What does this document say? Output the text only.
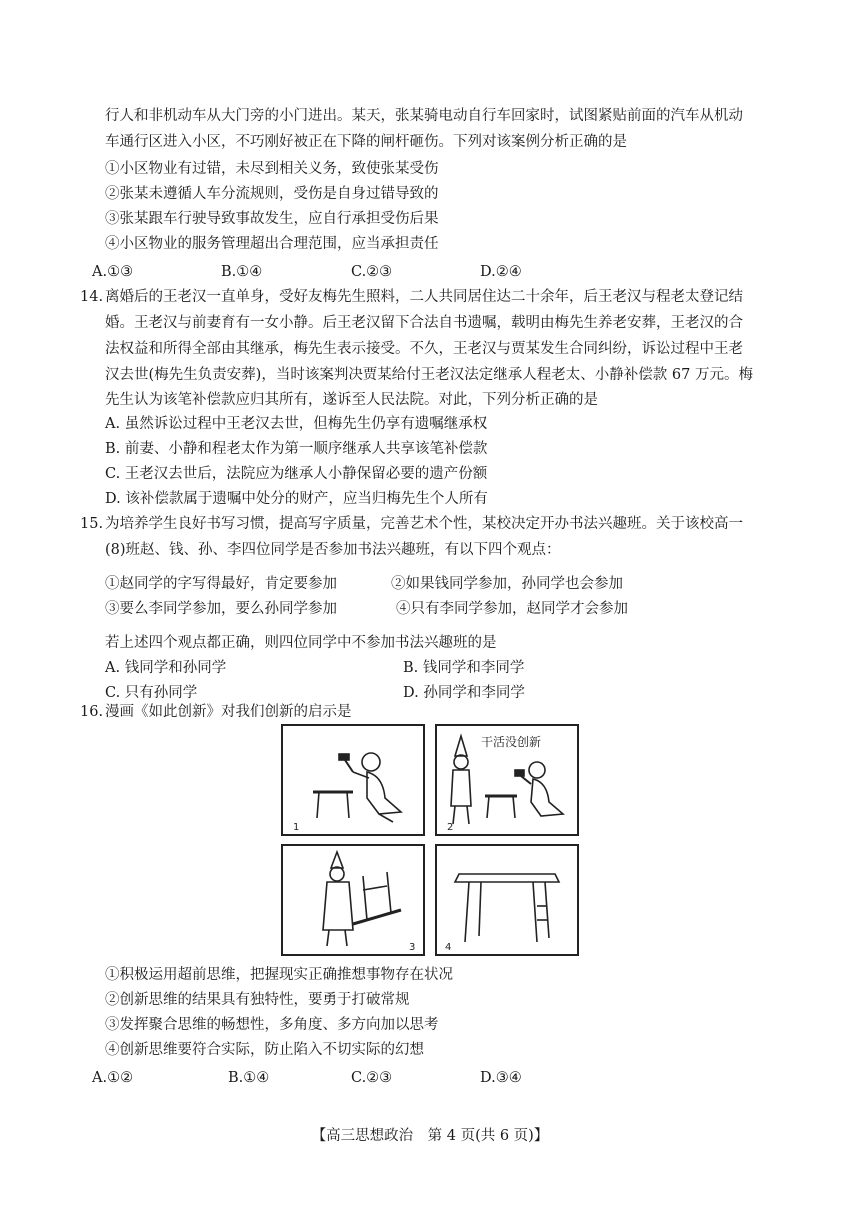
行人和非机动车从大门旁的小门进出。某天，张某骑电动自行车回家时，试图紧贴前面的汽车从机动
车通行区进入小区，不巧刚好被正在下降的闸杆砸伤。下列对该案例分析正确的是
①小区物业有过错，未尽到相关义务，致使张某受伤
②张某未遵循人车分流规则，受伤是自身过错导致的
③张某跟车行驶导致事故发生，应自行承担受伤后果
④小区物业的服务管理超出合理范围，应当承担责任
A.①③	B.①④	C.②③	D.②④
14. 离婚后的王老汉一直单身，受好友梅先生照料，二人共同居住达二十余年，后王老汉与程老太登记结
婚。王老汉与前妻育有一女小静。后王老汉留下合法自书遗嘱，载明由梅先生养老安葬，王老汉的合
法权益和所得全部由其继承，梅先生表示接受。不久，王老汉与贾某发生合同纠纷，诉讼过程中王老
汉去世(梅先生负责安葬)，当时该案判决贾某给付王老汉法定继承人程老太、小静补偿款 67 万元。梅
先生认为该笔补偿款应归其所有，遂诉至人民法院。对此，下列分析正确的是
A. 虽然诉讼过程中王老汉去世，但梅先生仍享有遗嘱继承权
B. 前妻、小静和程老太作为第一顺序继承人共享该笔补偿款
C. 王老汉去世后，法院应为继承人小静保留必要的遗产份额
D. 该补偿款属于遗嘱中处分的财产，应当归梅先生个人所有
15. 为培养学生良好书写习惯，提高写字质量，完善艺术个性，某校决定开办书法兴趣班。关于该校高一
(8)班赵、钱、孙、李四位同学是否参加书法兴趣班，有以下四个观点：
①赵同学的字写得最好，肯定要参加	②如果钱同学参加，孙同学也会参加
③要么李同学参加，要么孙同学参加	④只有李同学参加，赵同学才会参加
若上述四个观点都正确，则四位同学中不参加书法兴趣班的是
A. 钱同学和孙同学	B. 钱同学和李同学
C. 只有孙同学	D. 孙同学和李同学
16. 漫画《如此创新》对我们创新的启示是
1
干活没创新
2
3	4
①积极运用超前思维，把握现实正确推想事物存在状况
②创新思维的结果具有独特性，要勇于打破常规
③发挥聚合思维的畅想性，多角度、多方向加以思考
④创新思维要符合实际，防止陷入不切实际的幻想
A.①②	B.①④	C.②③	D.③④
【高三思想政治　第 4 页(共 6 页)】
